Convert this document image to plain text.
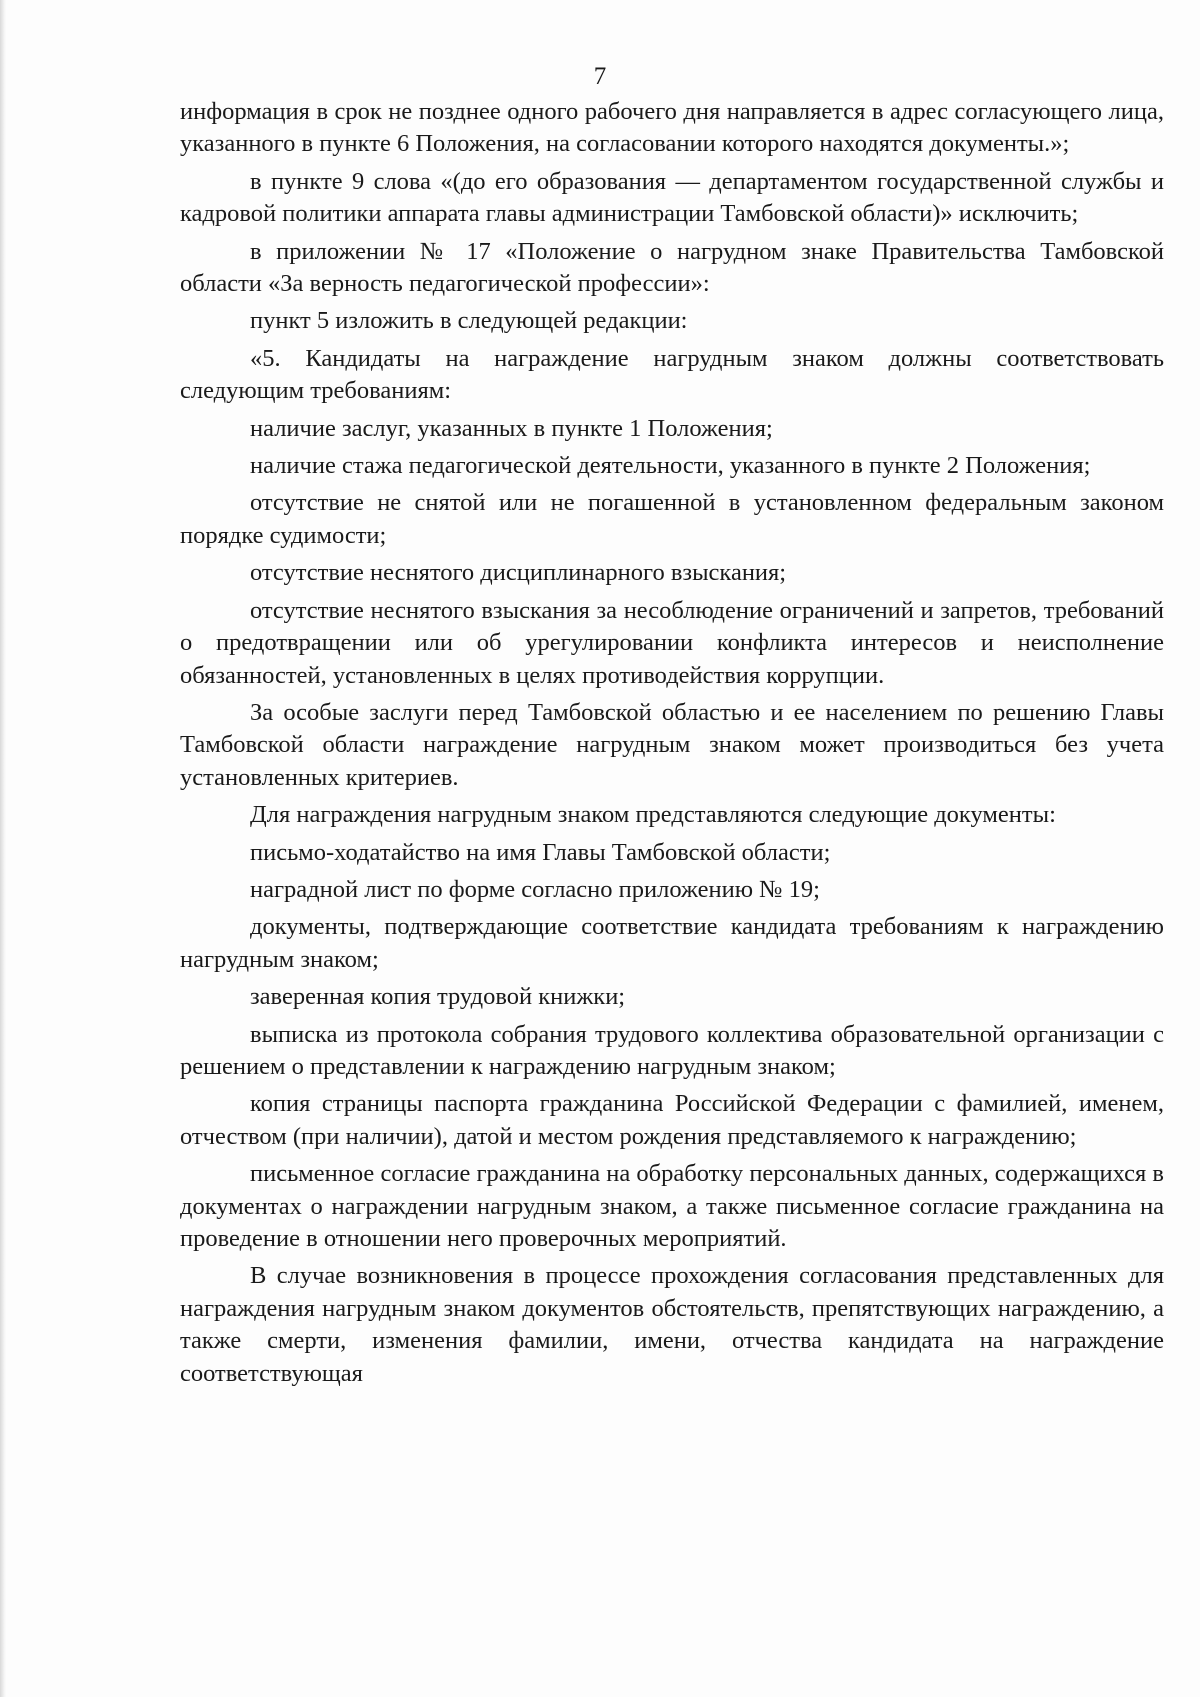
7

информация в срок не позднее одного рабочего дня направляется в адрес согласующего лица, указанного в пункте 6 Положения, на согласовании которого находятся документы.»;

в пункте 9 слова «(до его образования — департаментом государственной службы и кадровой политики аппарата главы администрации Тамбовской области)» исключить;

в приложении № 17 «Положение о нагрудном знаке Правительства Тамбовской области «За верность педагогической профессии»:

пункт 5 изложить в следующей редакции:

«5. Кандидаты на награждение нагрудным знаком должны соответствовать следующим требованиям:

наличие заслуг, указанных в пункте 1 Положения;

наличие стажа педагогической деятельности, указанного в пункте 2 Положения;

отсутствие не снятой или не погашенной в установленном федеральным законом порядке судимости;

отсутствие неснятого дисциплинарного взыскания;

отсутствие неснятого взыскания за несоблюдение ограничений и запретов, требований о предотвращении или об урегулировании конфликта интересов и неисполнение обязанностей, установленных в целях противодействия коррупции.

За особые заслуги перед Тамбовской областью и ее населением по решению Главы Тамбовской области награждение нагрудным знаком может производиться без учета установленных критериев.

Для награждения нагрудным знаком представляются следующие документы:

письмо-ходатайство на имя Главы Тамбовской области;

наградной лист по форме согласно приложению № 19;

документы, подтверждающие соответствие кандидата требованиям к награждению нагрудным знаком;

заверенная копия трудовой книжки;

выписка из протокола собрания трудового коллектива образовательной организации с решением о представлении к награждению нагрудным знаком;

копия страницы паспорта гражданина Российской Федерации с фамилией, именем, отчеством (при наличии), датой и местом рождения представляемого к награждению;

письменное согласие гражданина на обработку персональных данных, содержащихся в документах о награждении нагрудным знаком, а также письменное согласие гражданина на проведение в отношении него проверочных мероприятий.

В случае возникновения в процессе прохождения согласования представленных для награждения нагрудным знаком документов обстоятельств, препятствующих награждению, а также смерти, изменения фамилии, имени, отчества кандидата на награждение соответствующая
